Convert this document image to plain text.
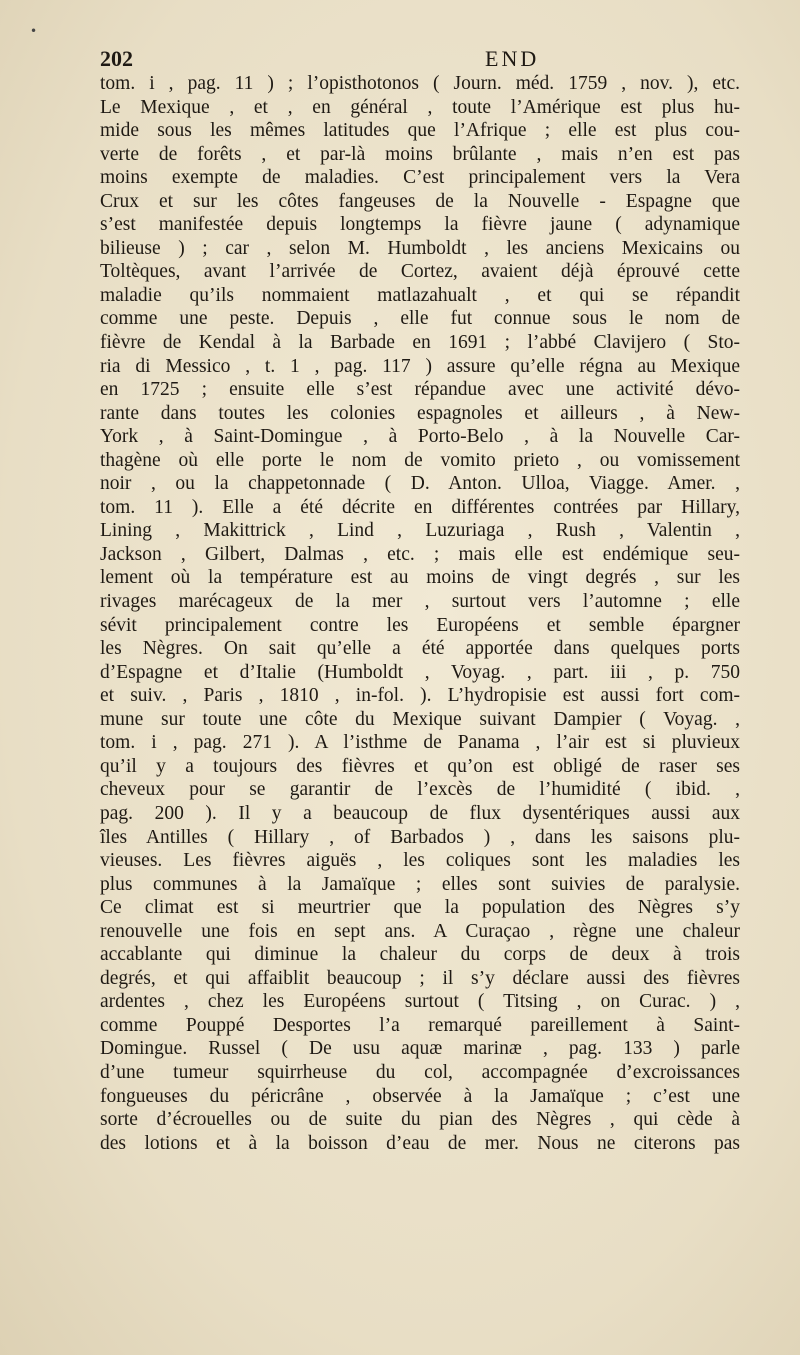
•
202	END
tom. i , pag. 11 ) ; l’opisthotonos ( Journ. méd. 1759 , nov. ), etc.
Le Mexique , et , en général , toute l’Amérique est plus hu-
mide sous les mêmes latitudes que l’Afrique ; elle est plus cou-
verte de forêts , et par-là moins brûlante , mais n’en est pas
moins exempte de maladies. C’est principalement vers la Vera
Crux et sur les côtes fangeuses de la Nouvelle - Espagne que
s’est manifestée depuis longtemps la fièvre jaune ( adynamique
bilieuse ) ; car , selon M. Humboldt , les anciens Mexicains ou
Toltèques, avant l’arrivée de Cortez, avaient déjà éprouvé cette
maladie qu’ils nommaient matlazahualt , et qui se répandit
comme une peste. Depuis , elle fut connue sous le nom de
fièvre de Kendal à la Barbade en 1691 ; l’abbé Clavijero ( Sto-
ria di Messico , t. 1 , pag. 117 ) assure qu’elle régna au Mexique
en 1725 ; ensuite elle s’est répandue avec une activité dévo-
rante dans toutes les colonies espagnoles et ailleurs , à New-
York , à Saint-Domingue , à Porto-Belo , à la Nouvelle Car-
thagène où elle porte le nom de vomito prieto , ou vomissement
noir , ou la chappetonnade ( D. Anton. Ulloa, Viagge. Amer. ,
tom. 11 ). Elle a été décrite en différentes contrées par Hillary,
Lining , Makittrick , Lind , Luzuriaga , Rush , Valentin ,
Jackson , Gilbert, Dalmas , etc. ; mais elle est endémique seu-
lement où la température est au moins de vingt degrés , sur les
rivages marécageux de la mer , surtout vers l’automne ; elle
sévit principalement contre les Européens et semble épargner
les Nègres. On sait qu’elle a été apportée dans quelques ports
d’Espagne et d’Italie (Humboldt , Voyag. , part. iii , p. 750
et suiv. , Paris , 1810 , in-fol. ). L’hydropisie est aussi fort com-
mune sur toute une côte du Mexique suivant Dampier ( Voyag. ,
tom. i , pag. 271 ). A l’isthme de Panama , l’air est si pluvieux
qu’il y a toujours des fièvres et qu’on est obligé de raser ses
cheveux pour se garantir de l’excès de l’humidité ( ibid. ,
pag. 200 ). Il y a beaucoup de flux dysentériques aussi aux
îles Antilles ( Hillary , of Barbados ) , dans les saisons plu-
vieuses. Les fièvres aiguës , les coliques sont les maladies les
plus communes à la Jamaïque ; elles sont suivies de paralysie.
Ce climat est si meurtrier que la population des Nègres s’y
renouvelle une fois en sept ans. A Curaçao , règne une chaleur
accablante qui diminue la chaleur du corps de deux à trois
degrés, et qui affaiblit beaucoup ; il s’y déclare aussi des fièvres
ardentes , chez les Européens surtout ( Titsing , on Curac. ) ,
comme Pouppé Desportes l’a remarqué pareillement à Saint-
Domingue. Russel ( De usu aquæ marinæ , pag. 133 ) parle
d’une tumeur squirrheuse du col, accompagnée d’excroissances
fongueuses du péricrâne , observée à la Jamaïque ; c’est une
sorte d’écrouelles ou de suite du pian des Nègres , qui cède à
des lotions et à la boisson d’eau de mer. Nous ne citerons pas
